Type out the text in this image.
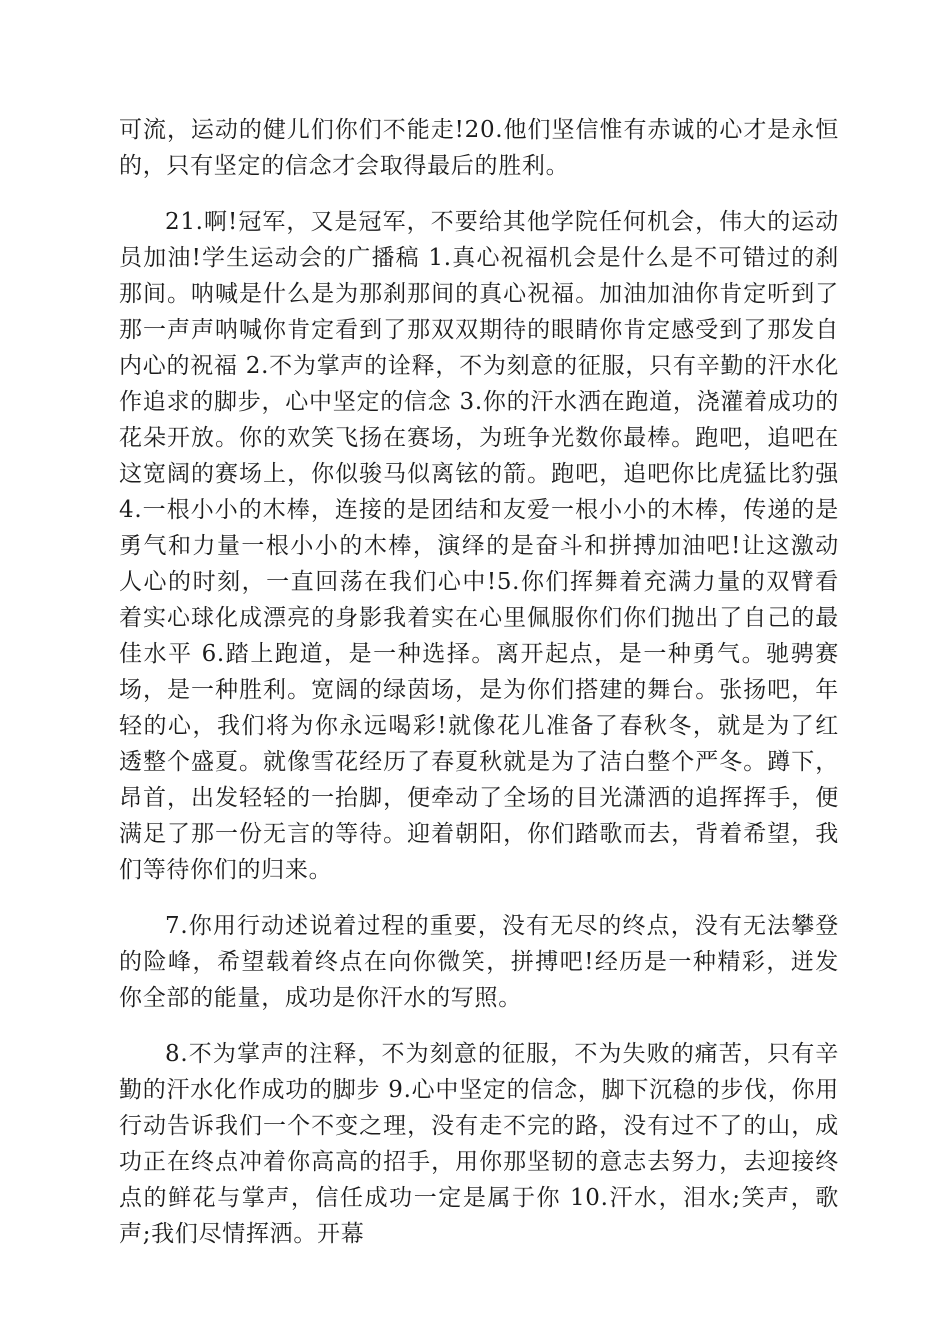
可流，运动的健儿们你们不能走!20.他们坚信惟有赤诚的心才是永恒的，只有坚定的信念才会取得最后的胜利。

21.啊!冠军，又是冠军，不要给其他学院任何机会，伟大的运动员加油!学生运动会的广播稿 1.真心祝福机会是什么是不可错过的刹那间。呐喊是什么是为那刹那间的真心祝福。加油加油你肯定听到了那一声声呐喊你肯定看到了那双双期待的眼睛你肯定感受到了那发自内心的祝福 2.不为掌声的诠释，不为刻意的征服，只有辛勤的汗水化作追求的脚步，心中坚定的信念 3.你的汗水洒在跑道，浇灌着成功的花朵开放。你的欢笑飞扬在赛场，为班争光数你最棒。跑吧，追吧在这宽阔的赛场上，你似骏马似离铉的箭。跑吧，追吧你比虎猛比豹强 4.一根小小的木棒，连接的是团结和友爱一根小小的木棒，传递的是勇气和力量一根小小的木棒，演绎的是奋斗和拼搏加油吧!让这激动人心的时刻，一直回荡在我们心中!5.你们挥舞着充满力量的双臂看着实心球化成漂亮的身影我着实在心里佩服你们你们抛出了自己的最佳水平 6.踏上跑道，是一种选择。离开起点，是一种勇气。驰骋赛场，是一种胜利。宽阔的绿茵场，是为你们搭建的舞台。张扬吧，年轻的心，我们将为你永远喝彩!就像花儿准备了春秋冬，就是为了红透整个盛夏。就像雪花经历了春夏秋就是为了洁白整个严冬。蹲下，昂首，出发轻轻的一抬脚，便牵动了全场的目光潇洒的追挥挥手，便满足了那一份无言的等待。迎着朝阳，你们踏歌而去，背着希望，我们等待你们的归来。

7.你用行动述说着过程的重要，没有无尽的终点，没有无法攀登的险峰，希望载着终点在向你微笑，拼搏吧!经历是一种精彩，迸发你全部的能量，成功是你汗水的写照。

8.不为掌声的注释，不为刻意的征服，不为失败的痛苦，只有辛勤的汗水化作成功的脚步 9.心中坚定的信念，脚下沉稳的步伐，你用行动告诉我们一个不变之理，没有走不完的路，没有过不了的山，成功正在终点冲着你高高的招手，用你那坚韧的意志去努力，去迎接终点的鲜花与掌声，信任成功一定是属于你 10.汗水，泪水;笑声，歌声;我们尽情挥洒。开幕
